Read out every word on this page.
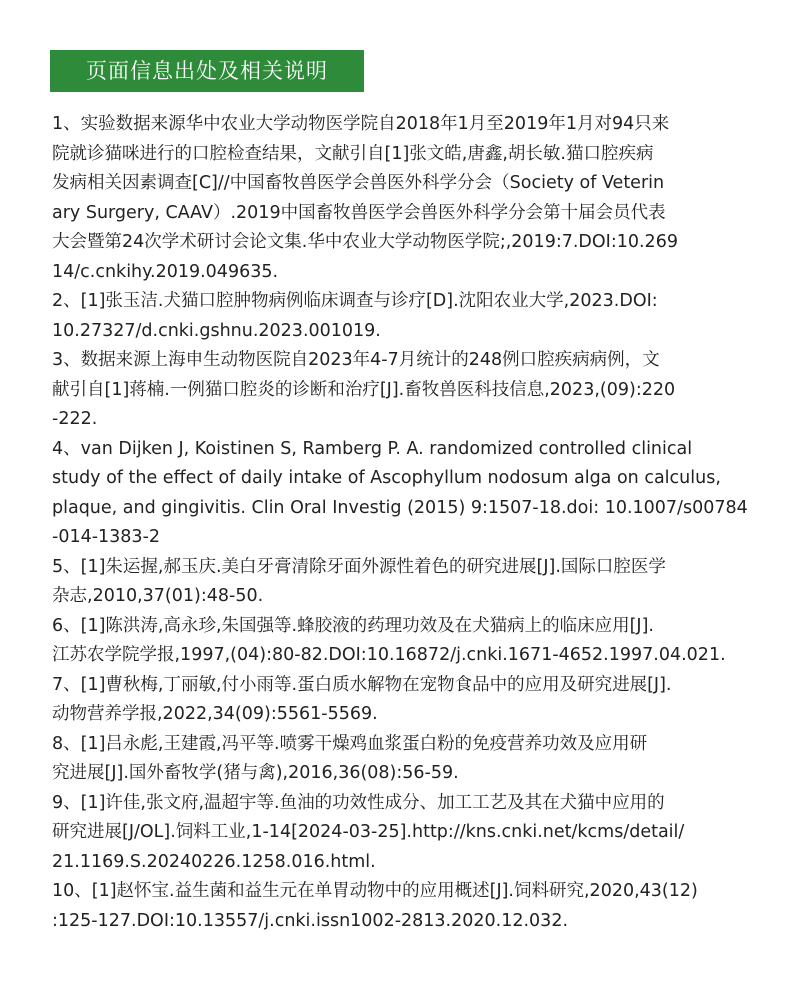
页面信息出处及相关说明
1、实验数据来源华中农业大学动物医学院自2018年1月至2019年1月对94只来
院就诊猫咪进行的口腔检查结果，文献引自[1]张文皓,唐鑫,胡长敏.猫口腔疾病
发病相关因素调查[C]//中国畜牧兽医学会兽医外科学分会（Society of Veterin
ary Surgery, CAAV）.2019中国畜牧兽医学会兽医外科学分会第十届会员代表
大会暨第24次学术研讨会论文集.华中农业大学动物医学院;,2019:7.DOI:10.269
14/c.cnkihy.2019.049635.
2、[1]张玉洁.犬猫口腔肿物病例临床调查与诊疗[D].沈阳农业大学,2023.DOI:
10.27327/d.cnki.gshnu.2023.001019.
3、数据来源上海申生动物医院自2023年4-7月统计的248例口腔疾病病例，文
献引自[1]蒋楠.一例猫口腔炎的诊断和治疗[J].畜牧兽医科技信息,2023,(09):220
-222.
4、van Dijken J, Koistinen S, Ramberg P. A. randomized controlled clinical
study of the effect of daily intake of Ascophyllum nodosum alga on calculus,
plaque, and gingivitis. Clin Oral Investig (2015) 9:1507-18.doi: 10.1007/s00784
-014-1383-2
5、[1]朱运握,郝玉庆.美白牙膏清除牙面外源性着色的研究进展[J].国际口腔医学
杂志,2010,37(01):48-50.
6、[1]陈洪涛,高永珍,朱国强等.蜂胶液的药理功效及在犬猫病上的临床应用[J].
江苏农学院学报,1997,(04):80-82.DOI:10.16872/j.cnki.1671-4652.1997.04.021.
7、[1]曹秋梅,丁丽敏,付小雨等.蛋白质水解物在宠物食品中的应用及研究进展[J].
动物营养学报,2022,34(09):5561-5569.
8、[1]吕永彪,王建霞,冯平等.喷雾干燥鸡血浆蛋白粉的免疫营养功效及应用研
究进展[J].国外畜牧学(猪与禽),2016,36(08):56-59.
9、[1]许佳,张文府,温超宇等.鱼油的功效性成分、加工工艺及其在犬猫中应用的
研究进展[J/OL].饲料工业,1-14[2024-03-25].http://kns.cnki.net/kcms/detail/
21.1169.S.20240226.1258.016.html.
10、[1]赵怀宝.益生菌和益生元在单胃动物中的应用概述[J].饲料研究,2020,43(12)
:125-127.DOI:10.13557/j.cnki.issn1002-2813.2020.12.032.
